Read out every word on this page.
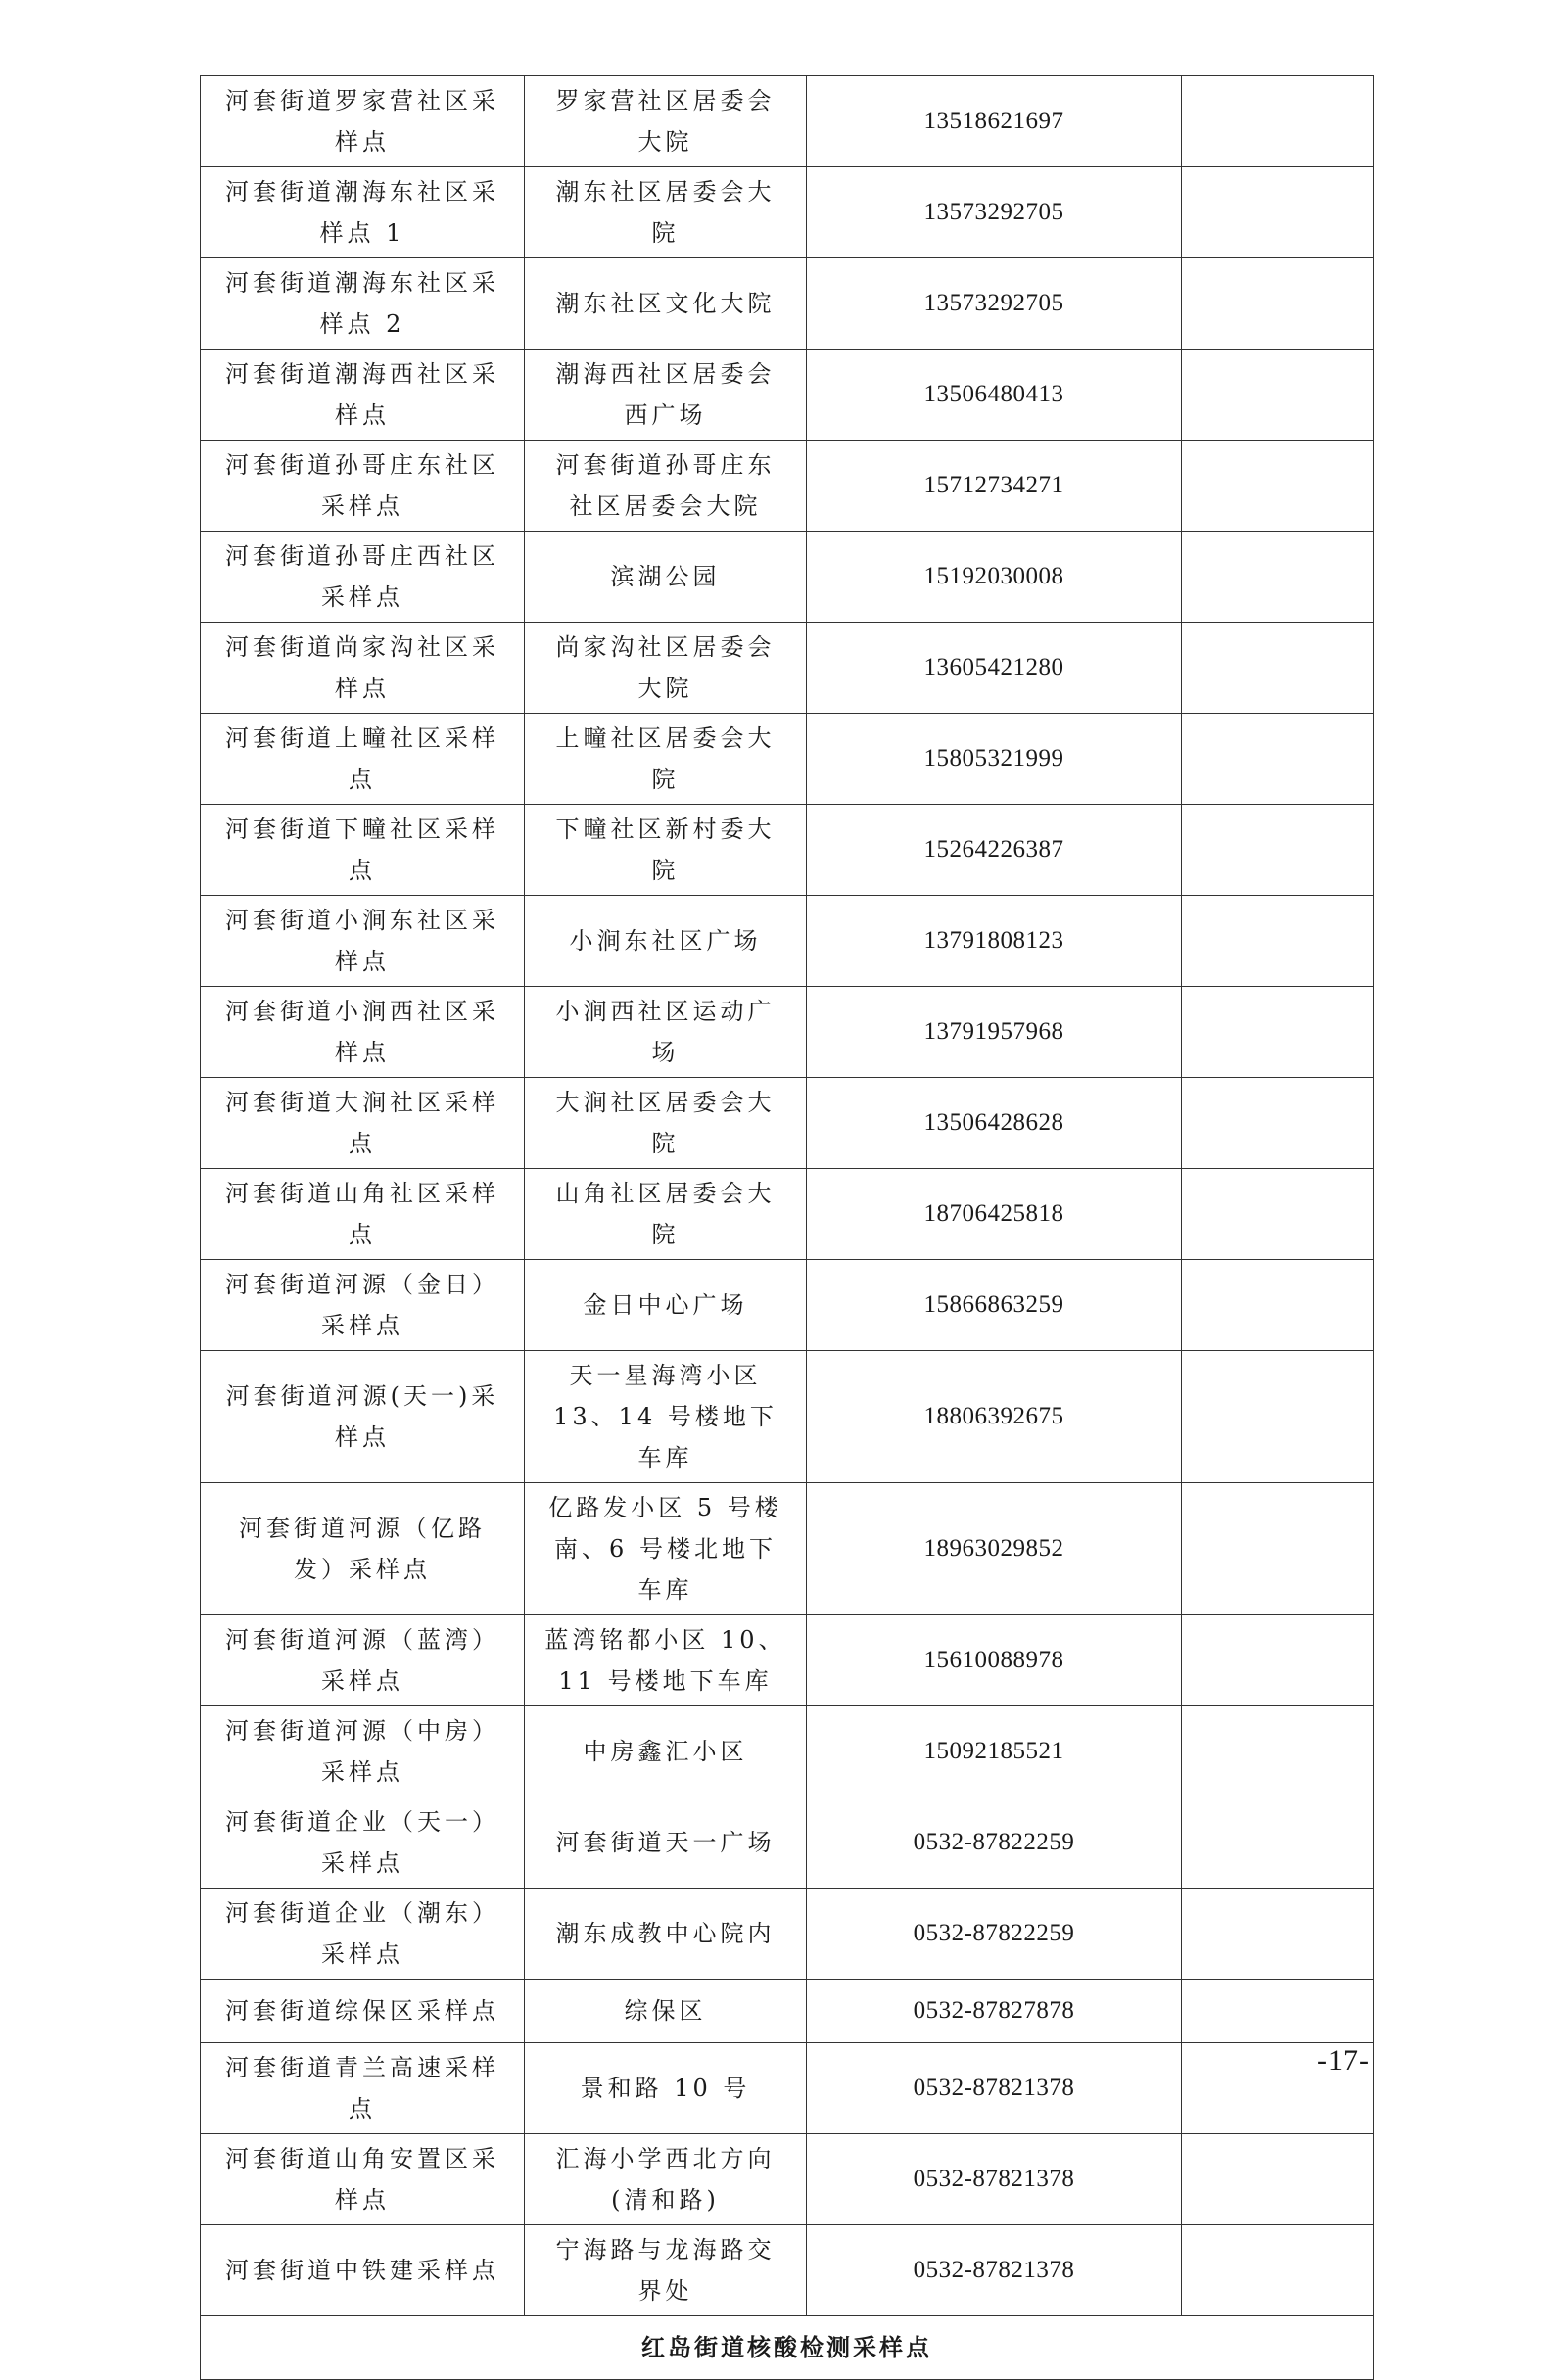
河套街道罗家营社区采样点	罗家营社区居委会大院	13518621697	
河套街道潮海东社区采样点 1	潮东社区居委会大院	13573292705	
河套街道潮海东社区采样点 2	潮东社区文化大院	13573292705	
河套街道潮海西社区采样点	潮海西社区居委会西广场	13506480413	
河套街道孙哥庄东社区采样点	河套街道孙哥庄东社区居委会大院	15712734271	
河套街道孙哥庄西社区采样点	滨湖公园	15192030008	
河套街道尚家沟社区采样点	尚家沟社区居委会大院	13605421280	
河套街道上疃社区采样点	上疃社区居委会大院	15805321999	
河套街道下疃社区采样点	下疃社区新村委大院	15264226387	
河套街道小涧东社区采样点	小涧东社区广场	13791808123	
河套街道小涧西社区采样点	小涧西社区运动广场	13791957968	
河套街道大涧社区采样点	大涧社区居委会大院	13506428628	
河套街道山角社区采样点	山角社区居委会大院	18706425818	
河套街道河源（金日）采样点	金日中心广场	15866863259	
河套街道河源(天一)采样点	天一星海湾小区 13、14 号楼地下车库	18806392675	
河套街道河源（亿路发）采样点	亿路发小区 5 号楼南、6 号楼北地下车库	18963029852	
河套街道河源（蓝湾）采样点	蓝湾铭都小区 10、11 号楼地下车库	15610088978	
河套街道河源（中房）采样点	中房鑫汇小区	15092185521	
河套街道企业（天一）采样点	河套街道天一广场	0532-87822259	
河套街道企业（潮东）采样点	潮东成教中心院内	0532-87822259	
河套街道综保区采样点	综保区	0532-87827878	
河套街道青兰高速采样点	景和路 10 号	0532-87821378	
河套街道山角安置区采样点	汇海小学西北方向(清和路)	0532-87821378	
河套街道中铁建采样点	宁海路与龙海路交界处	0532-87821378	
红岛街道核酸检测采样点			
-17-
